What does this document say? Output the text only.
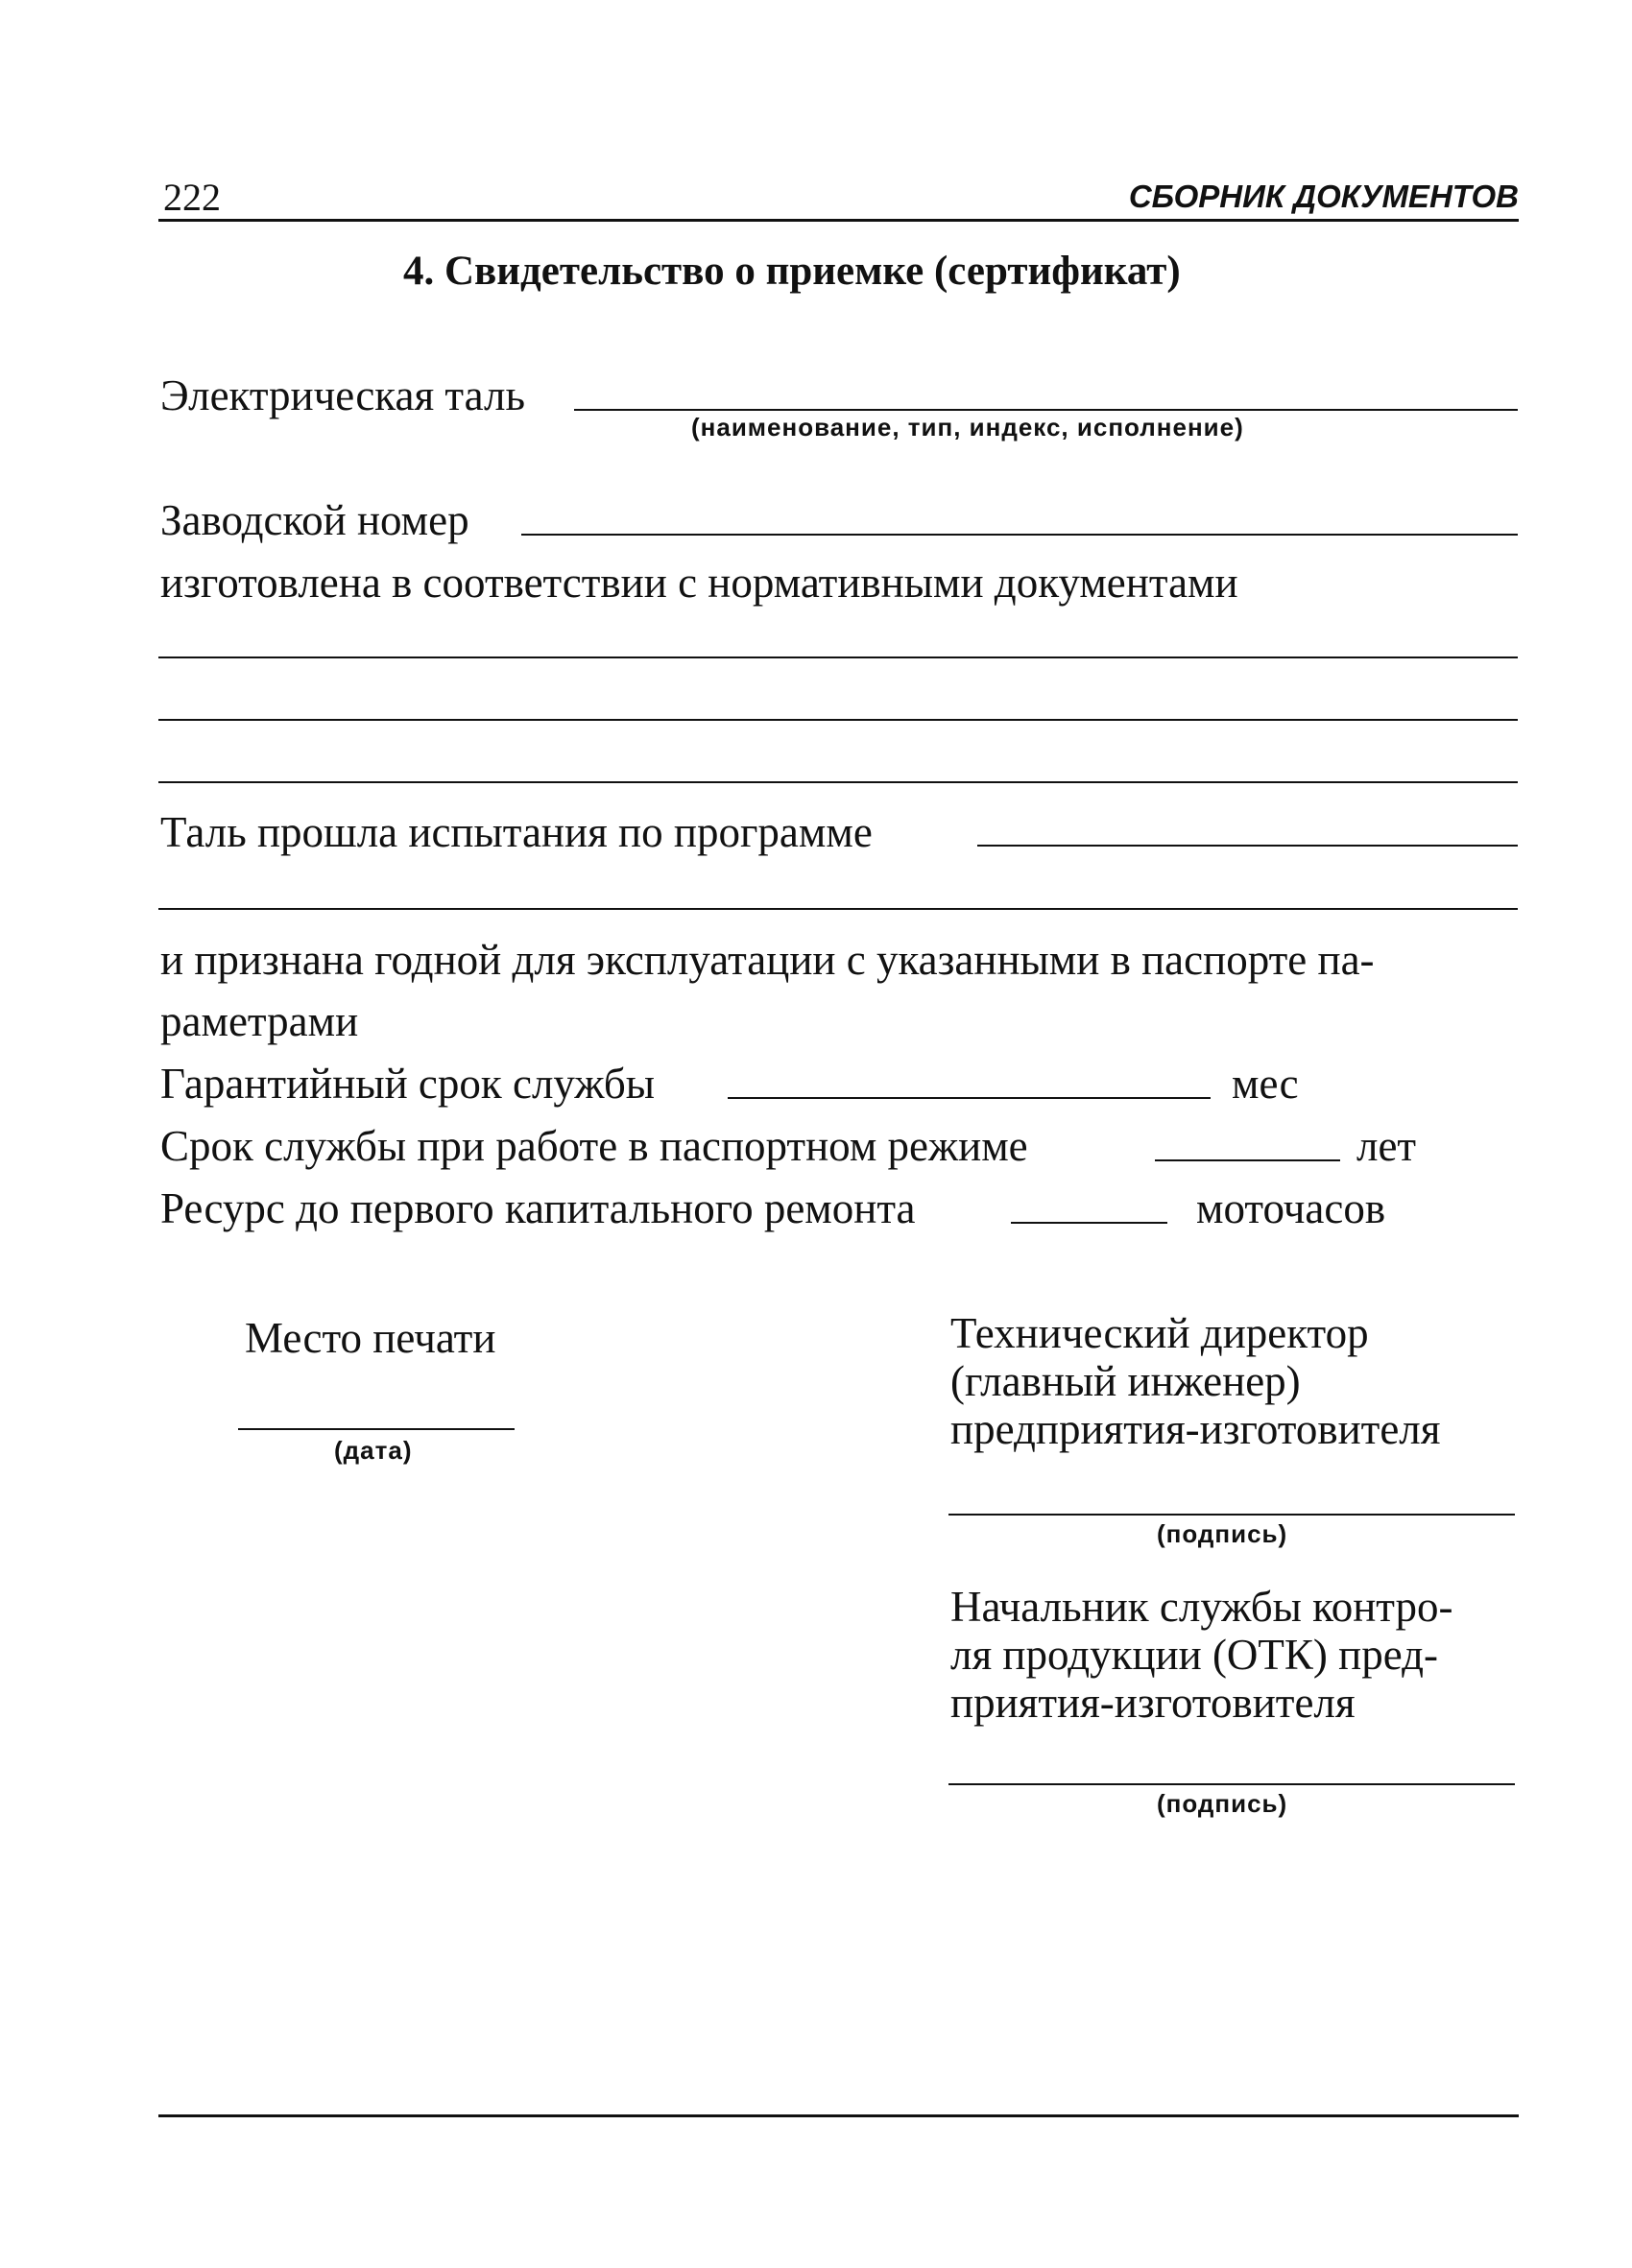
222	СБОРНИК ДОКУМЕНТОВ
4. Свидетельство о приемке (сертификат)
Электрическая таль
(наименование, тип, индекс, исполнение)
Заводской номер
изготовлена в соответствии с нормативными документами
Таль прошла испытания по программе
и признана годной для эксплуатации с указанными в паспорте па-
раметрами
Гарантийный срок службы	мес
Срок службы при работе в паспортном режиме	лет
Ресурс до первого капитального ремонта	моточасов
Место печати
(дата)
Технический директор
(главный инженер)
предприятия-изготовителя
(подпись)
Начальник службы контро-
ля продукции (ОТК) пред-
приятия-изготовителя
(подпись)
